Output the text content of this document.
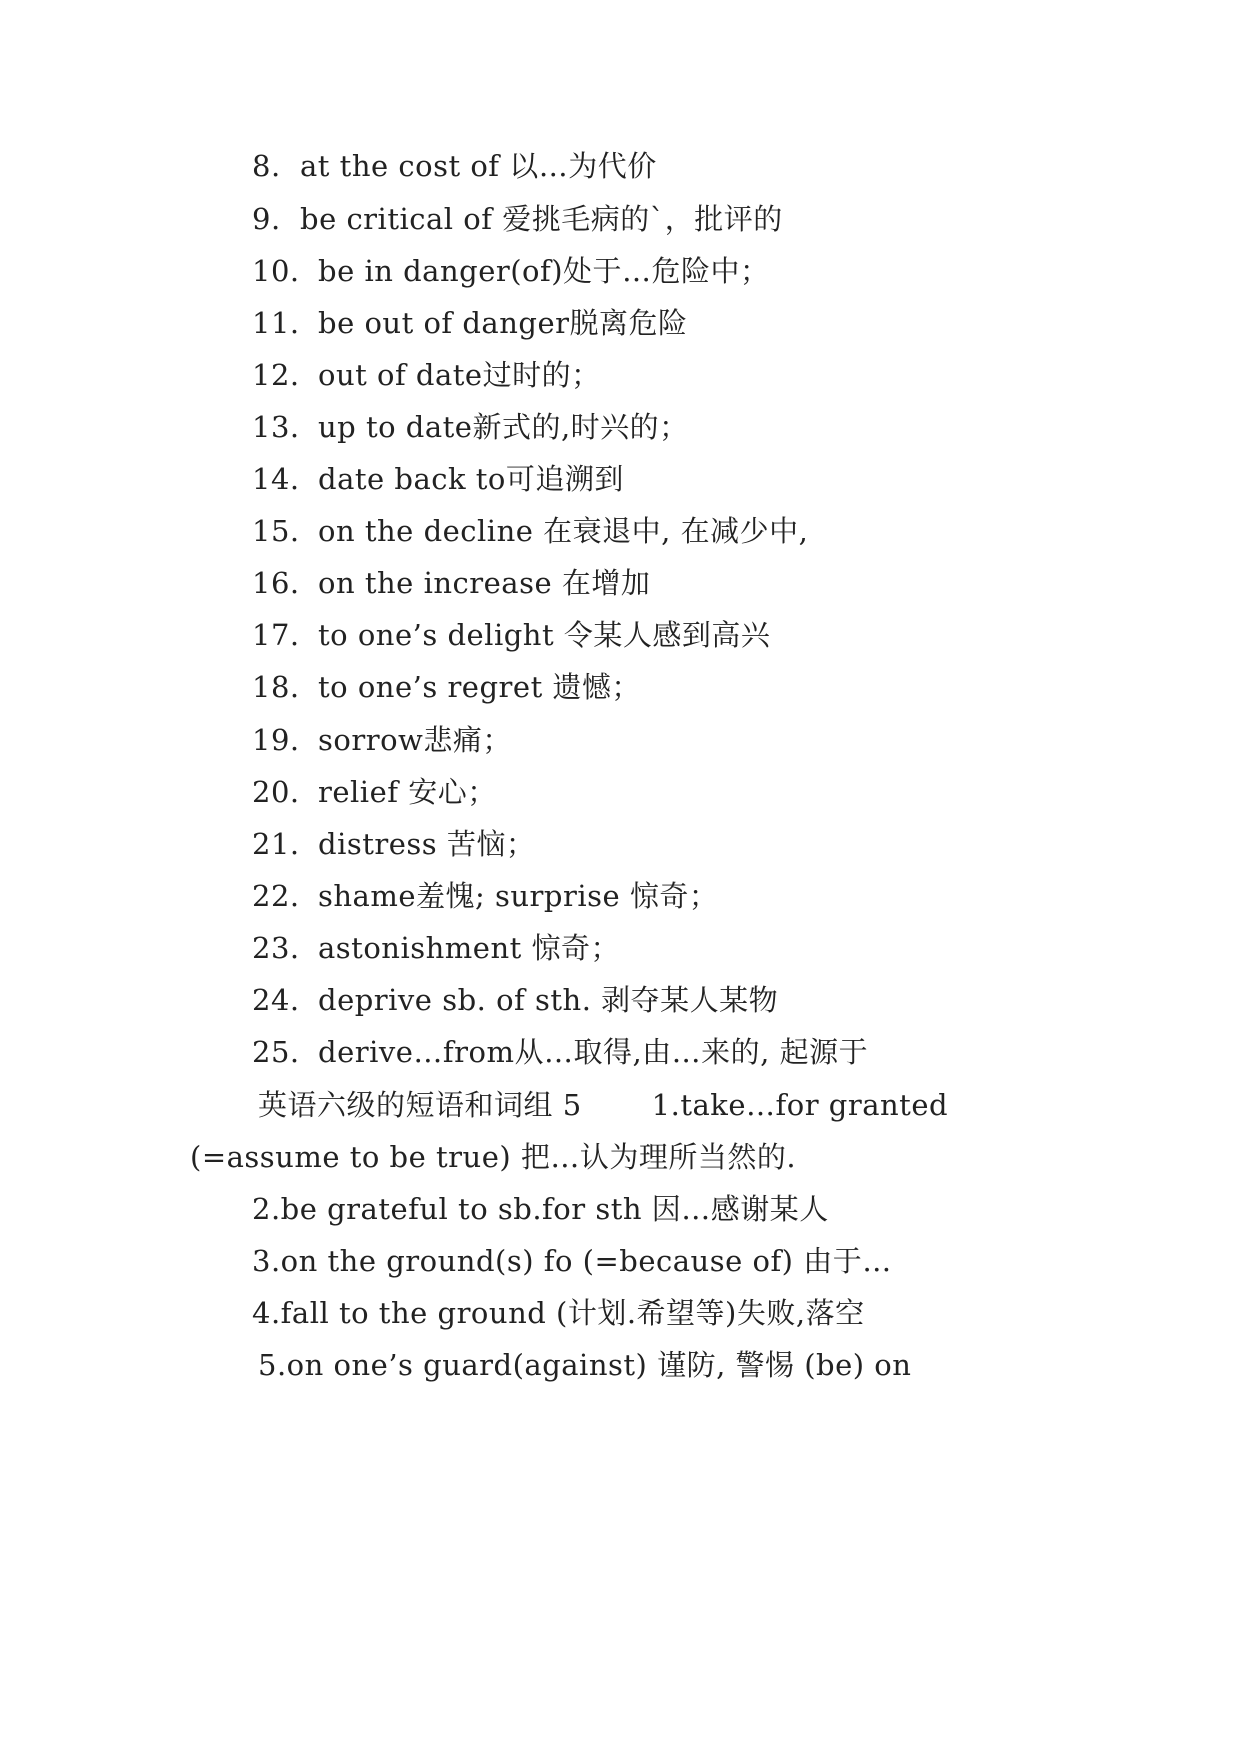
8. at the cost of 以…为代价
9. be critical of 爱挑毛病的`，批评的
10. be in danger(of)处于…危险中；
11. be out of danger脱离危险
12. out of date过时的；
13. up to date新式的,时兴的；
14. date back to可追溯到
15. on the decline 在衰退中, 在减少中,
16. on the increase 在增加
17. to one’s delight 令某人感到高兴
18. to one’s regret 遗憾；
19. sorrow悲痛；
20. relief 安心；
21. distress 苦恼；
22. shame羞愧; surprise 惊奇；
23. astonishment 惊奇；
24. deprive sb. of sth. 剥夺某人某物
25. derive…from从…取得,由…来的, 起源于
英语六级的短语和词组 5 1.take…for granted
(=assume to be true) 把…认为理所当然的.
2.be grateful to sb.for sth 因…感谢某人
3.on the ground(s) fo (=because of) 由于…
4.fall to the ground (计划.希望等)失败,落空
5.on one’s guard(against) 谨防, 警惕 (be) on
